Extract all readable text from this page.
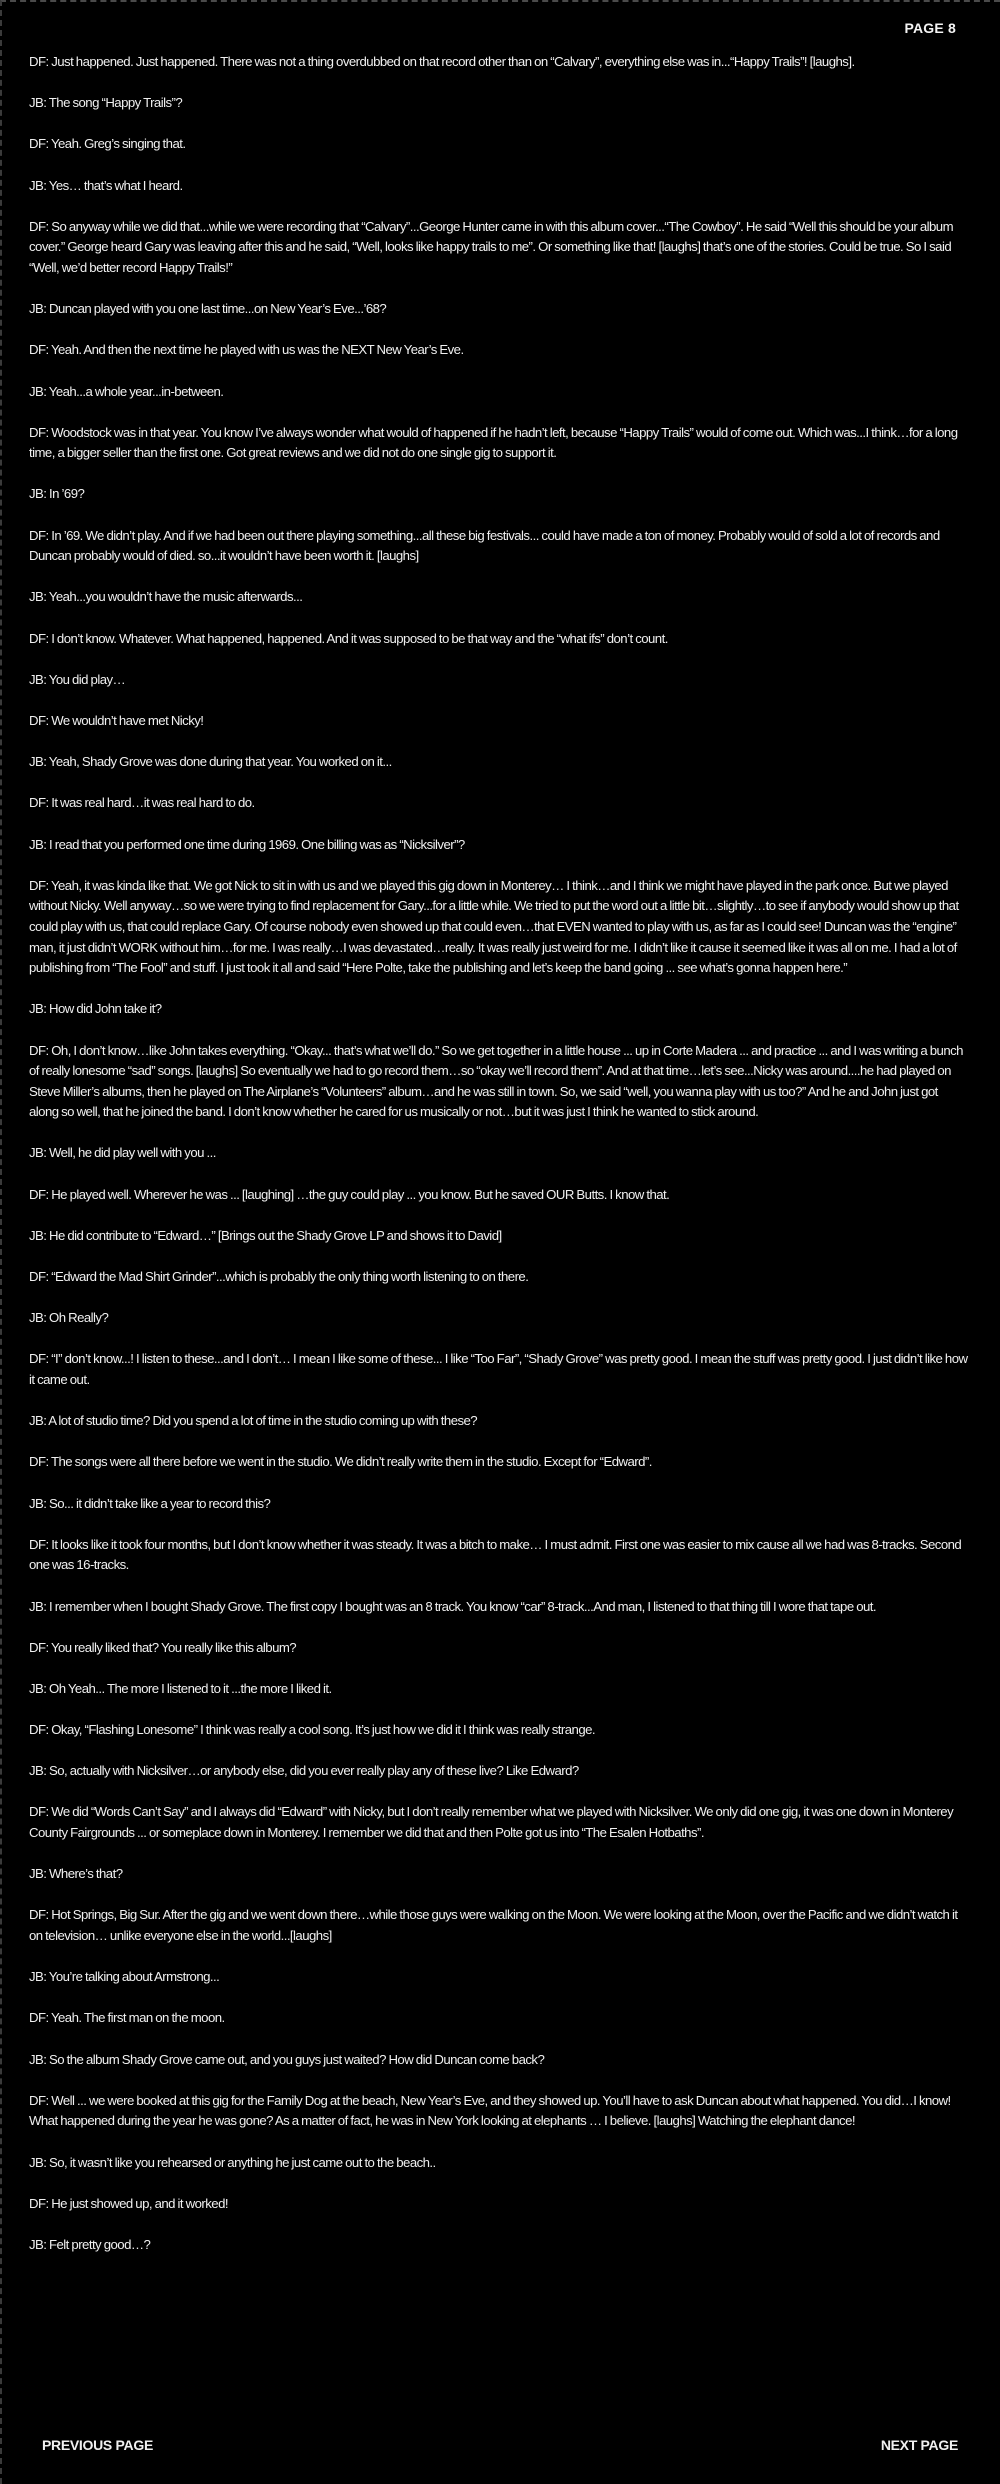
PAGE 8

DF: Just happened. Just happened. There was not a thing overdubbed on that record other than on “Calvary”, everything else was in...“Happy Trails”! [laughs].

JB: The song “Happy Trails”?

DF: Yeah. Greg’s singing that.

JB: Yes… that’s what I heard.

DF: So anyway while we did that...while we were recording that “Calvary”...George Hunter came in with this album cover...“The Cowboy”. He said “Well this should be your album cover.” George heard Gary was leaving after this and he said, “Well, looks like happy trails to me”. Or something like that! [laughs] that’s one of the stories. Could be true. So I said “Well, we’d better record Happy Trails!”

JB: Duncan played with you one last time...on New Year’s Eve...’68?

DF: Yeah. And then the next time he played with us was the NEXT New Year’s Eve.

JB: Yeah...a whole year...in-between.

DF: Woodstock was in that year. You know I’ve always wonder what would of happened if he hadn’t left, because “Happy Trails” would of come out. Which was...I think…for a long time, a bigger seller than the first one. Got great reviews and we did not do one single gig to support it.

JB: In ’69?

DF: In ’69. We didn’t play. And if we had been out there playing something...all these big festivals... could have made a ton of money. Probably would of sold a lot of records and Duncan probably would of died. so...it wouldn’t have been worth it. [laughs]

JB: Yeah...you wouldn’t have the music afterwards...

DF: I don’t know. Whatever. What happened, happened. And it was supposed to be that way and the “what ifs” don’t count.

JB: You did play…

DF: We wouldn’t have met Nicky!

JB: Yeah, Shady Grove was done during that year. You worked on it...

DF: It was real hard…it was real hard to do.

JB: I read that you performed one time during 1969. One billing was as “Nicksilver”?

DF: Yeah, it was kinda like that. We got Nick to sit in with us and we played this gig down in Monterey… I think…and I think we might have played in the park once. But we played without Nicky. Well anyway…so we were trying to find replacement for Gary...for a little while. We tried to put the word out a little bit…slightly…to see if anybody would show up that could play with us, that could replace Gary. Of course nobody even showed up that could even…that EVEN wanted to play with us, as far as I could see! Duncan was the “engine” man, it just didn’t WORK without him…for me. I was really…I was devastated…really. It was really just weird for me. I didn’t like it cause it seemed like it was all on me. I had a lot of publishing from “The Fool” and stuff. I just took it all and said “Here Polte, take the publishing and let’s keep the band going ... see what’s gonna happen here.”

JB: How did John take it?

DF: Oh, I don’t know…like John takes everything. “Okay... that’s what we’ll do.” So we get together in a little house ... up in Corte Madera ... and practice ... and I was writing a bunch of really lonesome “sad” songs. [laughs] So eventually we had to go record them…so “okay we’ll record them”. And at that time…let’s see...Nicky was around....he had played on Steve Miller’s albums, then he played on The Airplane’s “Volunteers” album…and he was still in town. So, we said “well, you wanna play with us too?” And he and John just got along so well, that he joined the band. I don’t know whether he cared for us musically or not…but it was just I think he wanted to stick around.

JB: Well, he did play well with you ...

DF: He played well. Wherever he was ... [laughing] …the guy could play ... you know. But he saved OUR Butts. I know that.

JB: He did contribute to “Edward…” [Brings out the Shady Grove LP and shows it to David]

DF: “Edward the Mad Shirt Grinder”...which is probably the only thing worth listening to on there.

JB: Oh Really?

DF: “I” don’t know...! I listen to these...and I don’t… I mean I like some of these... I like “Too Far”, “Shady Grove” was pretty good. I mean the stuff was pretty good. I just didn’t like how it came out.

JB: A lot of studio time? Did you spend a lot of time in the studio coming up with these?

DF: The songs were all there before we went in the studio. We didn’t really write them in the studio. Except for “Edward”.

JB: So... it didn’t take like a year to record this?

DF: It looks like it took four months, but I don’t know whether it was steady. It was a bitch to make… I must admit. First one was easier to mix cause all we had was 8-tracks. Second one was 16-tracks.

JB: I remember when I bought Shady Grove. The first copy I bought was an 8 track. You know “car” 8-track...And man, I listened to that thing till I wore that tape out.

DF: You really liked that? You really like this album?

JB: Oh Yeah... The more I listened to it ...the more I liked it.

DF: Okay, “Flashing Lonesome” I think was really a cool song. It’s just how we did it I think was really strange.

JB: So, actually with Nicksilver…or anybody else, did you ever really play any of these live? Like Edward?

DF: We did “Words Can’t Say” and I always did “Edward” with Nicky, but I don’t really remember what we played with Nicksilver. We only did one gig, it was one down in Monterey County Fairgrounds ... or someplace down in Monterey. I remember we did that and then Polte got us into “The Esalen Hotbaths”.

JB: Where’s that?

DF: Hot Springs, Big Sur. After the gig and we went down there…while those guys were walking on the Moon. We were looking at the Moon, over the Pacific and we didn’t watch it on television… unlike everyone else in the world...[laughs]

JB: You’re talking about Armstrong...

DF: Yeah. The first man on the moon.

JB: So the album Shady Grove came out, and you guys just waited? How did Duncan come back?

DF: Well ... we were booked at this gig for the Family Dog at the beach, New Year’s Eve, and they showed up. You’ll have to ask Duncan about what happened. You did…I know! What happened during the year he was gone? As a matter of fact, he was in New York looking at elephants … I believe. [laughs] Watching the elephant dance!

JB: So, it wasn’t like you rehearsed or anything he just came out to the beach..

DF: He just showed up, and it worked!

JB: Felt pretty good…?

PREVIOUS PAGE	NEXT PAGE
